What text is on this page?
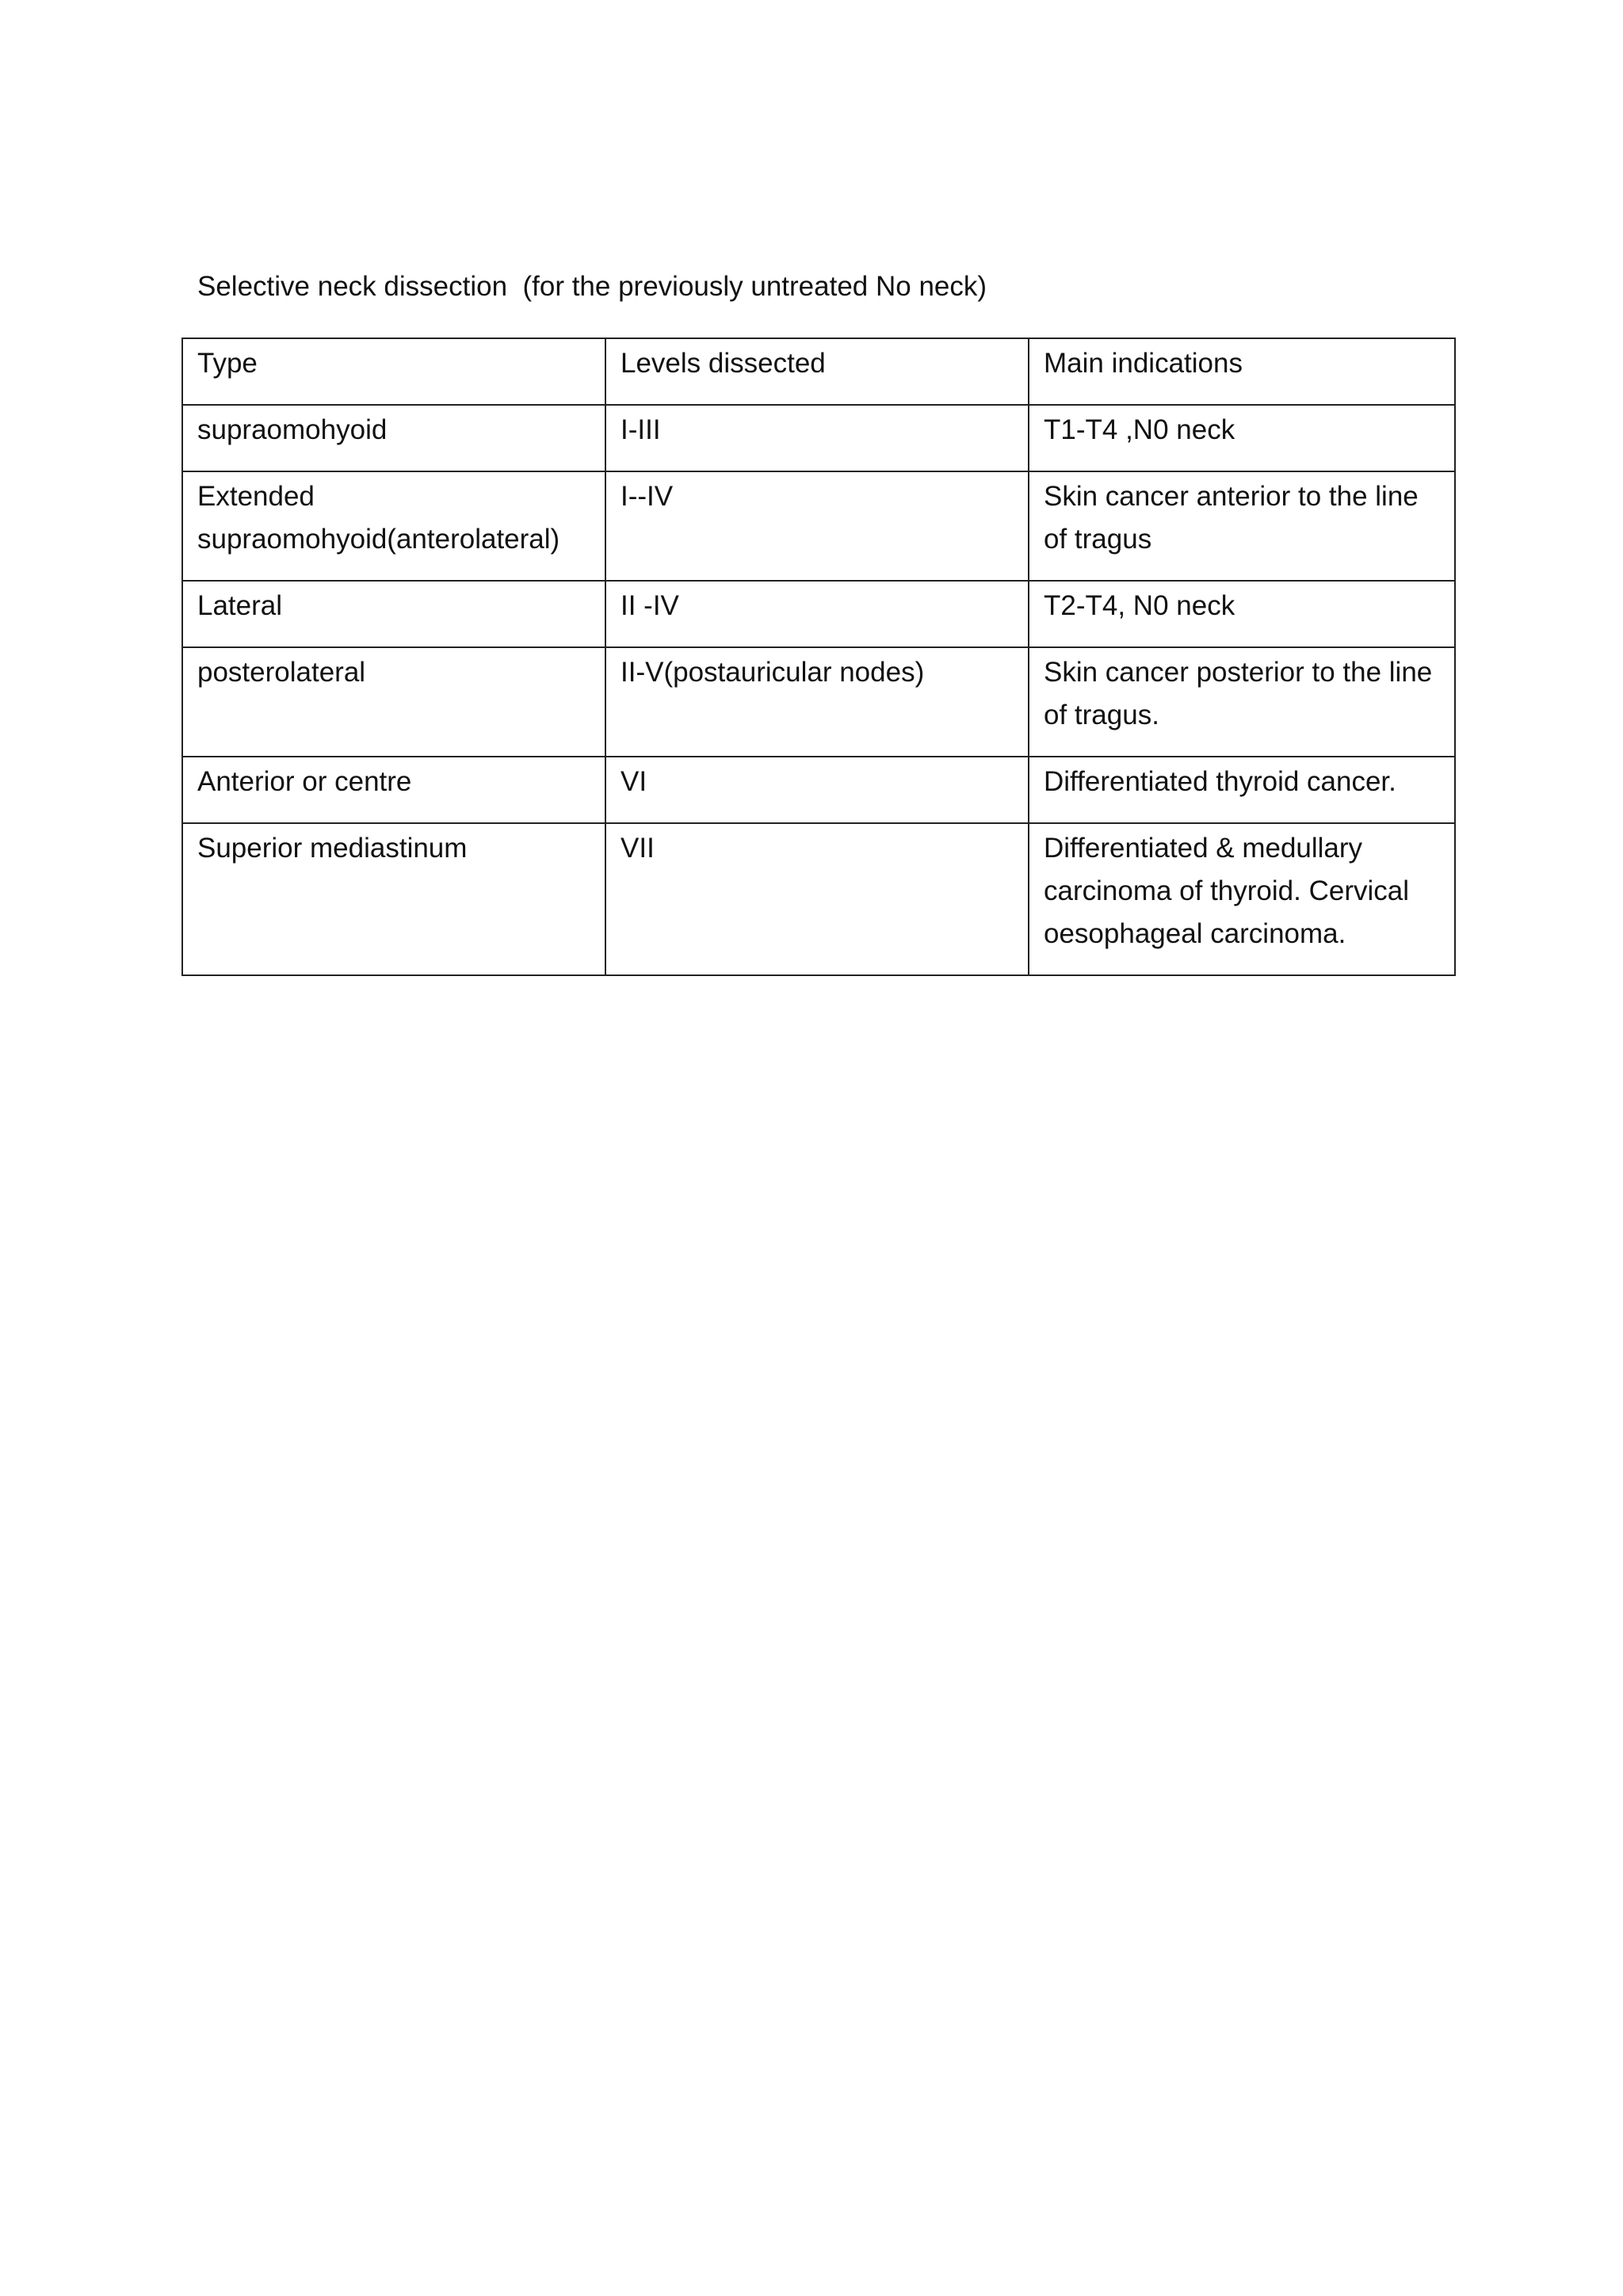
Selective neck dissection  (for the previously untreated No neck)
Type	Levels dissected	Main indications
supraomohyoid	I-III	T1-T4 ,N0 neck
Extended supraomohyoid(anterolateral)	I--IV	Skin cancer anterior to the line of tragus
Lateral	II -IV	T2-T4, N0 neck
posterolateral	II-V(postauricular nodes)	Skin cancer posterior to the line of tragus.
Anterior or centre	VI	Differentiated thyroid cancer.
Superior mediastinum	VII	Differentiated & medullary carcinoma of thyroid. Cervical oesophageal carcinoma.
